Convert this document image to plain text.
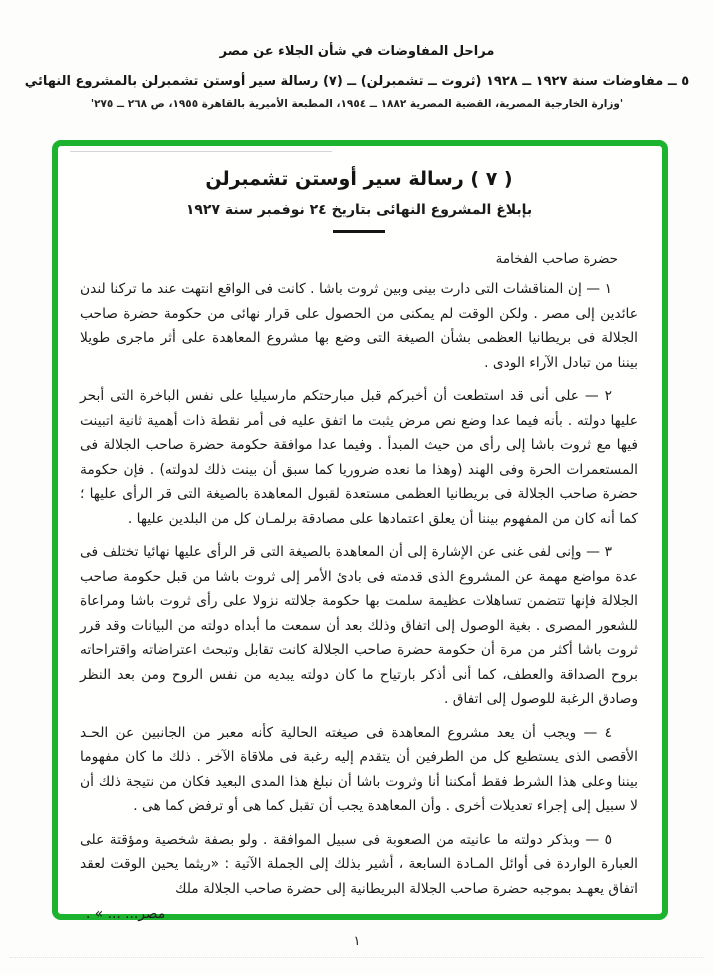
مراحل المفاوضات في شأن الجلاء عن مصر
٥ ــ مفاوضات سنة ١٩٢٧ ــ ١٩٢٨ (ثروت ــ تشمبرلن) ــ (٧) رسالة سير أوستن تشمبرلن بالمشروع النهائي
'وزارة الخارجية المصرية، القضية المصرية ١٨٨٢ ــ ١٩٥٤، المطبعة الأميرية بالقاهرة ١٩٥٥، ص ٢٦٨ ــ ٢٧٥'
( ٧ ) رسالة سير أوستن تشمبرلن
بإبلاغ المشروع النهائى بتاريخ ٢٤ نوفمبر سنة ١٩٢٧
حضرة صاحب الفخامة

١ — إن المناقشات التى دارت بينى وبين ثروت باشا . كانت فى الواقع انتهت عند ما تركنا لندن عائدين إلى مصر . ولكن الوقت لم يمكنى من الحصول على قرار نهائى من حكومة حضرة صاحب الجلالة فى بريطانيا العظمى بشأن الصيغة التى وضع بها مشروع المعاهدة على أثر ماجرى طويلا بيننا من تبادل الآراء الودى .

٢ — على أنى قد استطعت أن أخبركم قبل مبارحتكم مارسيليا على نفس الباخرة التى أبحر عليها دولته . بأنه فيما عدا وضع نص مرض يثبت ما اتفق عليه فى أمر نقطة ذات أهمية ثانية اتبينت فيها مع ثروت باشا إلى رأى من حيث المبدأ . وفيما عدا موافقة حكومة حضرة صاحب الجلالة فى المستعمرات الحرة وفى الهند (وهذا ما نعده ضروريا كما سبق أن بينت ذلك لدولته) . فإن حكومة حضرة صاحب الجلالة فى بريطانيا العظمى مستعدة لقبول المعاهدة بالصيغة التى قر الرأى عليها ؛ كما أنه كان من المفهوم بيننا أن يعلق اعتمادها على مصادقة برلمـان كل من البلدين عليها .

٣ — وإنى لفى غنى عن الإشارة إلى أن المعاهدة بالصيغة التى قر الرأى عليها نهائيا تختلف فى عدة مواضع مهمة عن المشروع الذى قدمته فى بادئ الأمر إلى ثروت باشا من قبل حكومة صاحب الجلالة فإنها تتضمن تساهلات عظيمة سلمت بها حكومة جلالته نزولا على رأى ثروت باشا ومراعاة للشعور المصرى . بغية الوصول إلى اتفاق وذلك بعد أن سمعت ما أبداه دولته من البيانات وقد قرر ثروت باشا أكثر من مرة أن حكومة حضرة صاحب الجلالة كانت تقابل وتبحث اعتراضاته واقتراحاته بروح الصداقة والعطف، كما أنى أذكر بارتياح ما كان دولته يبديه من نفس الروح ومن بعد النظر وصادق الرغبة للوصول إلى اتفاق .

٤ — ويجب أن يعد مشروع المعاهدة فى صيغته الحالية كأنه معبر من الجانبين عن الحـد الأقصى الذى يستطيع كل من الطرفين أن يتقدم إليه رغبة فى ملاقاة الآخر . ذلك ما كان مفهوما بيننا وعلى هذا الشرط فقط أمكننا أنا وثروت باشا أن نبلغ هذا المدى البعيد فكان من نتيجة ذلك أن لا سبيل إلى إجراء تعديلات أخرى . وأن المعاهدة يجب أن تقبل كما هى أو ترفض كما هى .

٥ — وبذكر دولته ما عانيته من الصعوبة فى سبيل الموافقة . ولو بصفة شخصية ومؤقتة على العبارة الواردة فى أوائل المـادة السابعة ، أشير بذلك إلى الجملة الآتية : «ريثما يحين الوقت لعقد اتفاق يعهـد بموجبه حضرة صاحب الجلالة البريطانية إلى حضرة صاحب الجلالة ملك

مصر... ... » .
١
